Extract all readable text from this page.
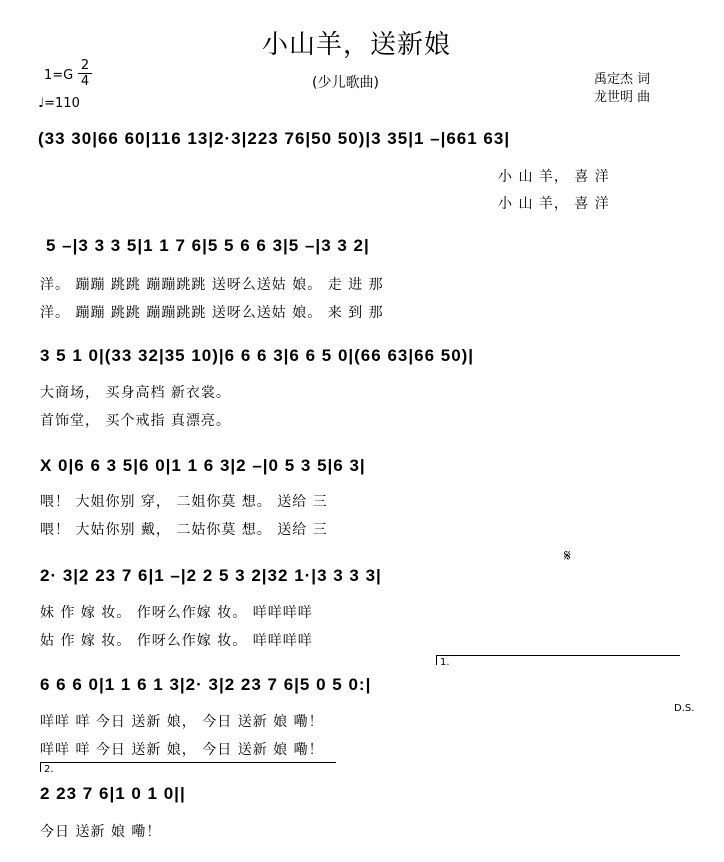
小山羊，送新娘
(少儿歌曲)
$1=G \frac{2}{4}$
♩=110
禹定杰 词
龙世明 曲
(33 30|66 60|116 13|2·3|223 76|50 50)|3 35|1 –|661 63|
小 山 羊， 喜 洋
小 山 羊， 喜 洋
5 –|3 3 3 5|1 1 7 6|5 5 6 6 3|5 –|3 3 2|
洋。 蹦蹦 跳跳 蹦蹦跳跳 送呀么送姑 娘。 走 进 那
洋。 蹦蹦 跳跳 蹦蹦跳跳 送呀么送姑 娘。 来 到 那
3 5 1 0|(33 32|35 10)|6 6 6 3|6 6 5 0|(66 63|66 50)|
大商场， 买身高档 新衣裳。
首饰堂， 买个戒指 真漂亮。
X 0|6 6 3 5|6 0|1 1 6 3|2 –|0 5 3 5|6 3|
喂！ 大姐你别 穿， 二姐你莫 想。 送给 三
喂！ 大姑你别 戴， 二姑你莫 想。 送给 三
2· 3|2 23 7 6|1 –|2 2 5 3 2|32 1·|3 3 3 3|
𝄋
妹 作 嫁 妆。 作呀么作嫁 妆。 咩咩咩咩
姑 作 嫁 妆。 作呀么作嫁 妆。 咩咩咩咩
1.
6 6 6 0|1 1 6 1 3|2· 3|2 23 7 6|5 0 5 0:|
D.S.
咩咩 咩 今日 送新 娘， 今日 送新 娘 嘞！
咩咩 咩 今日 送新 娘， 今日 送新 娘 嘞！
2.
2 23 7 6|1 0 1 0||
今日 送新 娘 嘞！
